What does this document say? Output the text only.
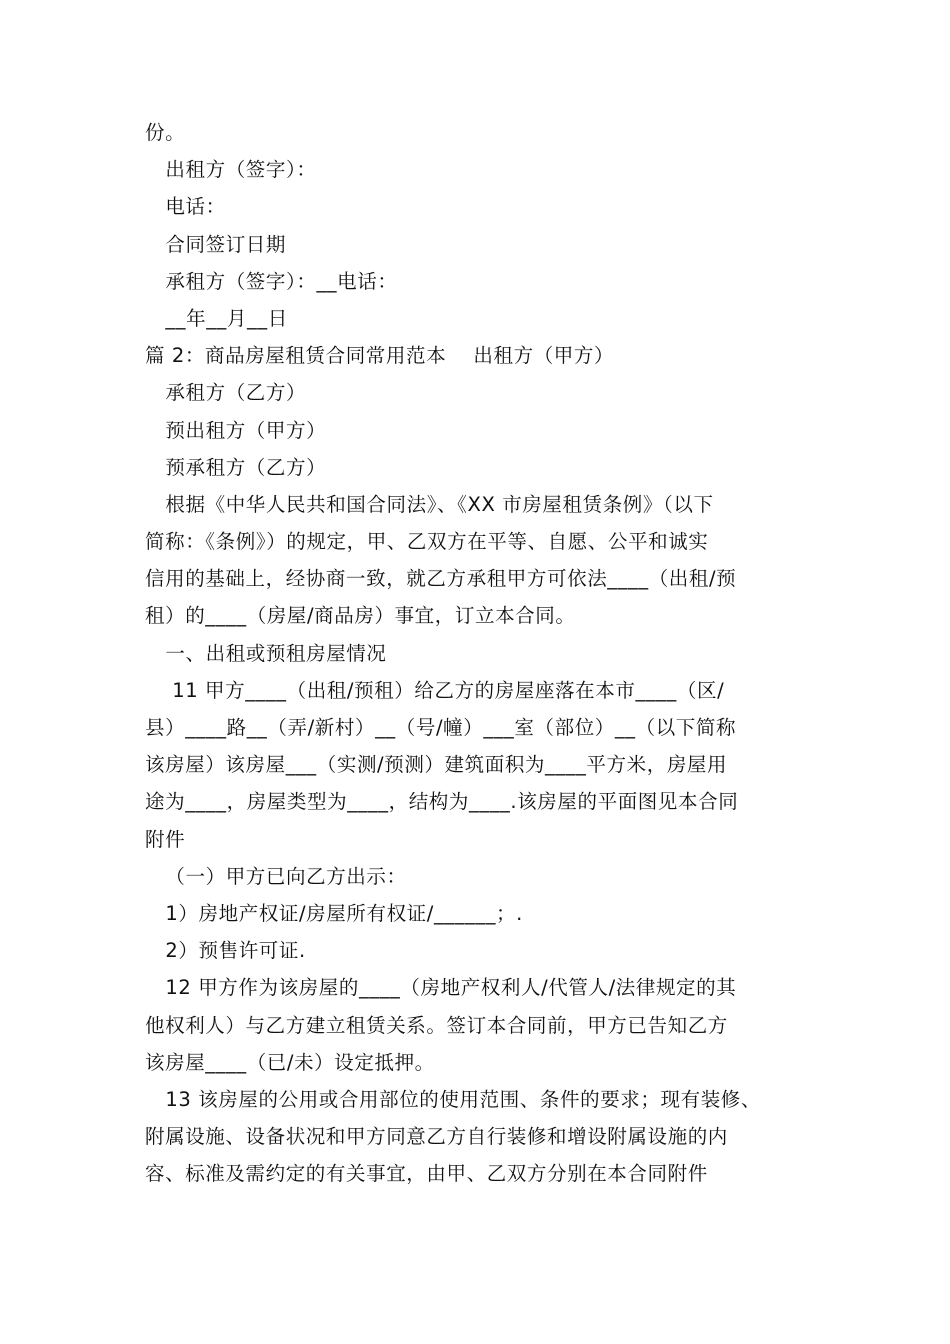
份。
出租方（签字）：
电话：
合同签订日期
承租方（签字）：__电话：
__年__月__日
篇 2：商品房屋租赁合同常用范本    出租方（甲方）
承租方（乙方）
预出租方（甲方）
预承租方（乙方）
根据《中华人民共和国合同法》、《XX 市房屋租赁条例》（以下
简称：《条例》）的规定，甲、乙双方在平等、自愿、公平和诚实
信用的基础上，经协商一致，就乙方承租甲方可依法____（出租/预
租）的____（房屋/商品房）事宜，订立本合同。
一、出租或预租房屋情况
11 甲方____（出租/预租）给乙方的房屋座落在本市____（区/
县）____路__（弄/新村）__（号/幢）___室（部位）__（以下简称
该房屋）该房屋___（实测/预测）建筑面积为____平方米，房屋用
途为____，房屋类型为____，结构为____.该房屋的平面图见本合同
附件
（一）甲方已向乙方出示：
1）房地产权证/房屋所有权证/______；.
2）预售许可证.
12 甲方作为该房屋的____（房地产权利人/代管人/法律规定的其
他权利人）与乙方建立租赁关系。签订本合同前，甲方已告知乙方
该房屋____（已/未）设定抵押。
13 该房屋的公用或合用部位的使用范围、条件的要求；现有装修、
附属设施、设备状况和甲方同意乙方自行装修和增设附属设施的内
容、标准及需约定的有关事宜，由甲、乙双方分别在本合同附件
